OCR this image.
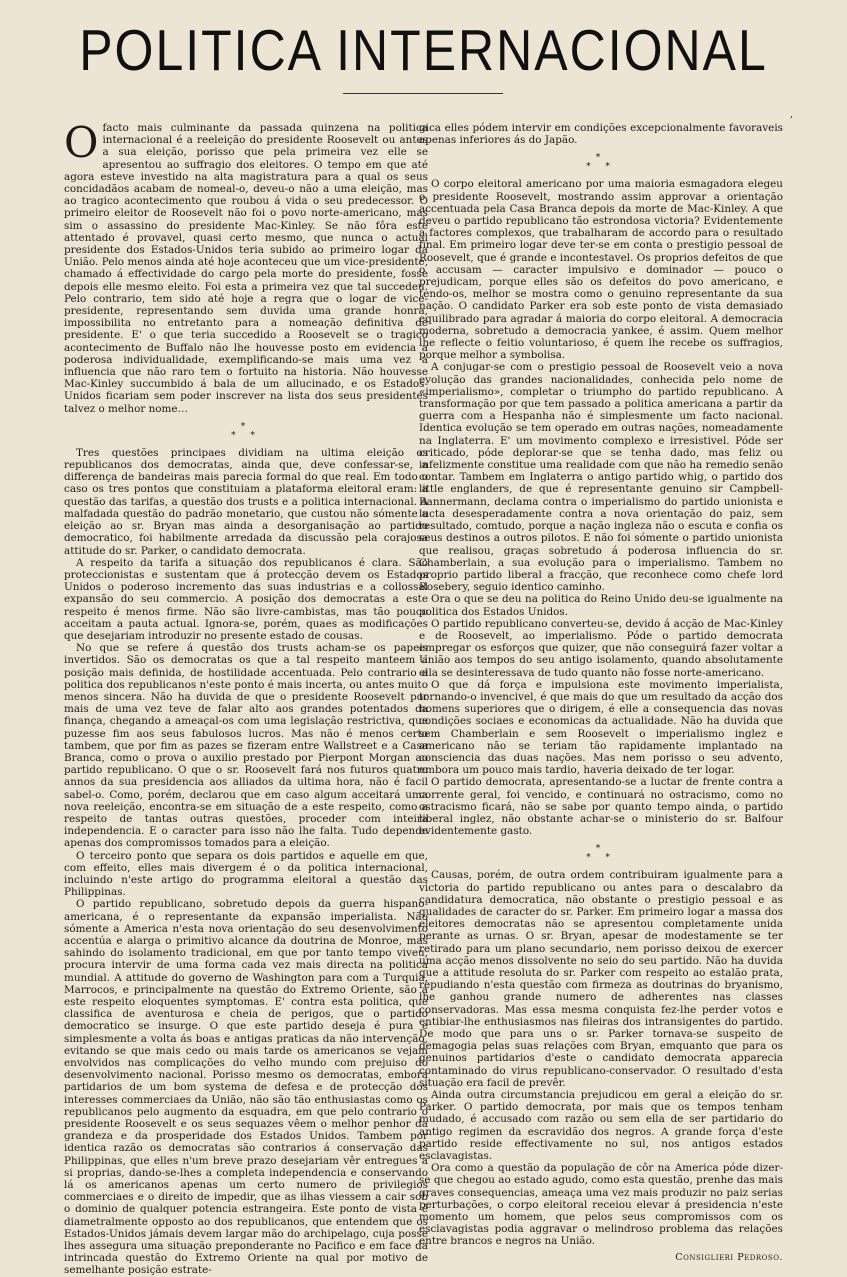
POLITICA INTERNACIONAL
,

Ofacto mais culminante da passada quinzena na politica internacional é a reeleição do presidente Roosevelt ou antes a sua eleição, porisso que pela primeira vez elle se apresentou ao suffragio dos eleitores. O tempo em que até agora esteve investido na alta magistratura para a qual os seus concidadãos acabam de nomeal-o, deveu-o não a uma eleição, mas ao tragico acontecimento que roubou á vida o seu predecessor. O primeiro eleitor de Roosevelt não foi o povo norte-americano, mas sim o assassino do presidente Mac-Kinley. Se não fôra este attentado é provavel, quasi certo mesmo, que nunca o actual presidente dos Estados-Unidos teria subido ao primeiro logar da União. Pelo menos ainda até hoje aconteceu que um vice-presidente, chamado á effectividade do cargo pela morte do presidente, fosse depois elle mesmo eleito. Foi esta a primeira vez que tal succedeu. Pelo contrario, tem sido até hoje a regra que o logar de vice-presidente, representando sem duvida uma grande honra, impossibilita no entretanto para a nomeação definitiva de presidente. E' o que teria succedido a Roosevelt se o tragico acontecimento de Buffalo não lhe houvesse posto em evidencia a poderosa individualidade, exemplificando-se mais uma vez a influencia que não raro tem o fortuito na historia. Não houvesse Mac-Kinley succumbido á bala de um allucinado, e os Estados-Unidos ficariam sem poder inscrever na lista dos seus presidentes talvez o melhor nome…

*
* *

Tres questões principaes dividiam na ultima eleição os republicanos dos democratas, ainda que, deve confessar-se, a differença de bandeiras mais parecia formal do que real. Em todo o caso os tres pontos que constituiam a plataforma eleitoral eram: a questão das tarifas, a questão dos trusts e a politica internacional. A malfadada questão do padrão monetario, que custou não sómente a eleição ao sr. Bryan mas ainda a desorganisação ao partido democratico, foi habilmente arredada da discussão pela corajosa attitude do sr. Parker, o candidato democrata.

A respeito da tarifa a situação dos republicanos é clara. São proteccionistas e sustentam que á protecção devem os Estados Unidos o poderoso incremento das suas industrias e a collossal expansão do seu commercio. A posição dos democratas a este respeito é menos firme. Não são livre-cambistas, mas tão pouco acceitam a pauta actual. Ignora-se, porém, quaes as modificações que desejariam introduzir no presente estado de cousas.

No que se refere á questão dos trusts acham-se os papeis invertidos. São os democratas os que a tal respeito manteem a posição mais definida, de hostilidade accentuada. Pelo contrario a politica dos republicanos n'este ponto é mais incerta, ou antes muito menos sincera. Não ha duvida de que o presidente Roosevelt por mais de uma vez teve de falar alto aos grandes potentados da finança, chegando a ameaçal-os com uma legislação restrictiva, que puzesse fim aos seus fabulosos lucros. Mas não é menos certo tambem, que por fim as pazes se fizeram entre Wallstreet e a Casa Branca, como o prova o auxilio prestado por Pierpont Morgan ao partido republicano. O que o sr. Roosevelt fará nos futuros quatro annos da sua presidencia aos alliados da ultima hora, não é facil sabel-o. Como, porém, declarou que em caso algum acceitará uma nova reeleição, encontra-se em situação de a este respeito, como a respeito de tantas outras questões, proceder com inteira independencia. E o caracter para isso não lhe falta. Tudo depende apenas dos compromissos tomados para a eleição.

O terceiro ponto que separa os dois partidos e aquelle em que, com effeito, elles mais divergem é o da politica internacional, incluindo n'este artigo do programma eleitoral a questão das Philippinas.

O partido republicano, sobretudo depois da guerra hispano-americana, é o representante da expansão imperialista. Não sómente a America n'esta nova orientação do seu desenvolvimento accentúa e alarga o primitivo alcance da doutrina de Monroe, mas sahindo do isolamento tradicional, em que por tanto tempo viveu, procura intervir de uma forma cada vez mais directa na politica mundial. A attitude do governo de Washington para com a Turquia, Marrocos, e principalmente na questão do Extremo Oriente, são a este respeito eloquentes symptomas. E' contra esta politica, que classifica de aventurosa e cheia de perigos, que o partido democratico se insurge. O que este partido deseja é pura e simplesmente a volta ás boas e antigas praticas da não intervenção, evitando se que mais cedo ou mais tarde os americanos se vejam envolvidos nas complicações do velho mundo com prejuiso do desenvolvimento nacional. Porisso mesmo os democratas, embora partidarios de um bom systema de defesa e de protecção dos interesses commerciaes da União, não são tão enthusiastas como os republicanos pelo augmento da esquadra, em que pelo contrario o presidente Roosevelt e os seus sequazes vêem o melhor penhor da grandeza e da prosperidade dos Estados Unidos. Tambem por identica razão os democratas são contrarios á conservação das Philippinas, que elles n'um breve prazo desejariam vêr entregues a si proprias, dando-se-lhes a completa independencia e conservando lá os americanos apenas um certo numero de privilegios commerciaes e o direito de impedir, que as ilhas viessem a cair sob o dominio de qualquer potencia estrangeira. Este ponto de vista é diametralmente opposto ao dos republicanos, que entendem que os Estados-Unidos jámais devem largar mão do archipelago, cuja posse lhes assegura uma situação preponderante no Pacifico e em face da intrincada questão do Extremo Oriente na qual por motivo de semelhante posição estrate-

gica elles pódem intervir em condições excepcionalmente favoraveis apenas inferiores ás do Japão.

*
* *

O corpo eleitoral americano por uma maioria esmagadora elegeu o presidente Roosevelt, mostrando assim approvar a orientação accentuada pela Casa Branca depois da morte de Mac-Kinley. A que deveu o partido republicano tão estrondosa victoria? Evidentemente a factores complexos, que trabalharam de accordo para o resultado final. Em primeiro logar deve ter-se em conta o prestigio pessoal de Roosevelt, que é grande e incontestavel. Os proprios defeitos de que o accusam — caracter impulsivo e dominador — pouco o prejudicam, porque elles são os defeitos do povo americano, e tendo-os, melhor se mostra como o genuino representante da sua nação. O candidato Parker era sob este ponto de vista demasiado equilibrado para agradar á maioria do corpo eleitoral. A democracia moderna, sobretudo a democracia yankee, é assim. Quem melhor lhe reflecte o feitio voluntarioso, é quem lhe recebe os suffragios, porque melhor a symbolisa.

A conjugar-se com o prestigio pessoal de Roosevelt veio a nova evolução das grandes nacionalidades, conhecida pelo nome de «imperialismo», completar o triumpho do partido republicano. A transformação por que tem passado a politica americana a partir da guerra com a Hespanha não é simplesmente um facto nacional. Identica evolução se tem operado em outras nações, nomeadamente na Inglaterra. E' um movimento complexo e irresistivel. Póde ser criticado, póde deplorar-se que se tenha dado, mas feliz ou infelizmente constitue uma realidade com que não ha remedio senão contar. Tambem em Inglaterra o antigo partido whig, o partido dos little englanders, de que é representante genuino sir Campbell-Bannermann, declama contra o imperialismo do partido unionista e lucta desesperadamente contra a nova orientação do paiz, sem resultado, comtudo, porque a nação ingleza não o escuta e confia os seus destinos a outros pilotos. E não foi sómente o partido unionista que realisou, graças sobretudo á poderosa influencia do sr. Chamberlain, a sua evolução para o imperialismo. Tambem no proprio partido liberal a fracção, que reconhece como chefe lord Rosebery, seguio identico caminho.

Ora o que se deu na politica do Reino Unido deu-se igualmente na politica dos Estados Unidos.

O partido republicano converteu-se, devido á acção de Mac-Kinley e de Roosevelt, ao imperialismo. Póde o partido democrata empregar os esforços que quizer, que não conseguirá fazer voltar a União aos tempos do seu antigo isolamento, quando absolutamente ella se desinteressava de tudo quanto não fosse norte-americano.

O que dá força e impulsiona este movimento imperialista, tornando-o invencivel, é que mais do que um resultado da acção dos homens superiores que o dirigem, é elle a consequencia das novas condições sociaes e economicas da actualidade. Não ha duvida que sem Chamberlain e sem Roosevelt o imperialismo inglez e americano não se teriam tão rapidamente implantado na consciencia das duas nações. Mas nem porisso o seu advento, embora um pouco mais tardio, haveria deixado de ter logar.

O partido democrata, apresentando-se a luctar de frente contra a corrente geral, foi vencido, e continuará no ostracismo, como no ostracismo ficará, não se sabe por quanto tempo ainda, o partido liberal inglez, não obstante achar-se o ministerio do sr. Balfour evidentemente gasto.

*
* *

Causas, porém, de outra ordem contribuiram igualmente para a victoria do partido republicano ou antes para o descalabro da candidatura democratica, não obstante o prestigio pessoal e as qualidades de caracter do sr. Parker. Em primeiro logar a massa dos eleitores democratas não se apresentou completamente unida perante as urnas. O sr. Bryan, apesar de modestamente se ter retirado para um plano secundario, nem porisso deixou de exercer uma acção menos dissolvente no seio do seu partido. Não ha duvida que a attitude resoluta do sr. Parker com respeito ao estalão prata, repudiando n'esta questão com firmeza as doutrinas do bryanismo, lhe ganhou grande numero de adherentes nas classes conservadoras. Mas essa mesma conquista fez-lhe perder votos e entibiar-lhe enthusiasmos nas fileiras dos intransigentes do partido. De modo que para uns o sr. Parker tornava-se suspeito de demagogia pelas suas relações com Bryan, emquanto que para os genuinos partidarios d'este o candidato democrata apparecia contaminado do virus republicano-conservador. O resultado d'esta situação era facil de prevêr.

Ainda outra circumstancia prejudicou em geral a eleição do sr. Parker. O partido democrata, por mais que os tempos tenham mudado, é accusado com razão ou sem ella de ser partidario do antigo regimen da escravidão dos negros. A grande força d'este partido reside effectivamente no sul, nos antigos estados esclavagistas.

Ora como a questão da população de côr na America póde dizer-se que chegou ao estado agudo, como esta questão, prenhe das mais graves consequencias, ameaça uma vez mais produzir no paiz serias perturbações, o corpo eleitoral receiou elevar á presidencia n'este momento um homem, que pelos seus compromissos com os esclavagistas podia aggravar o melindroso problema das relações entre brancos e negros na União.

Consiglieri Pedroso.
